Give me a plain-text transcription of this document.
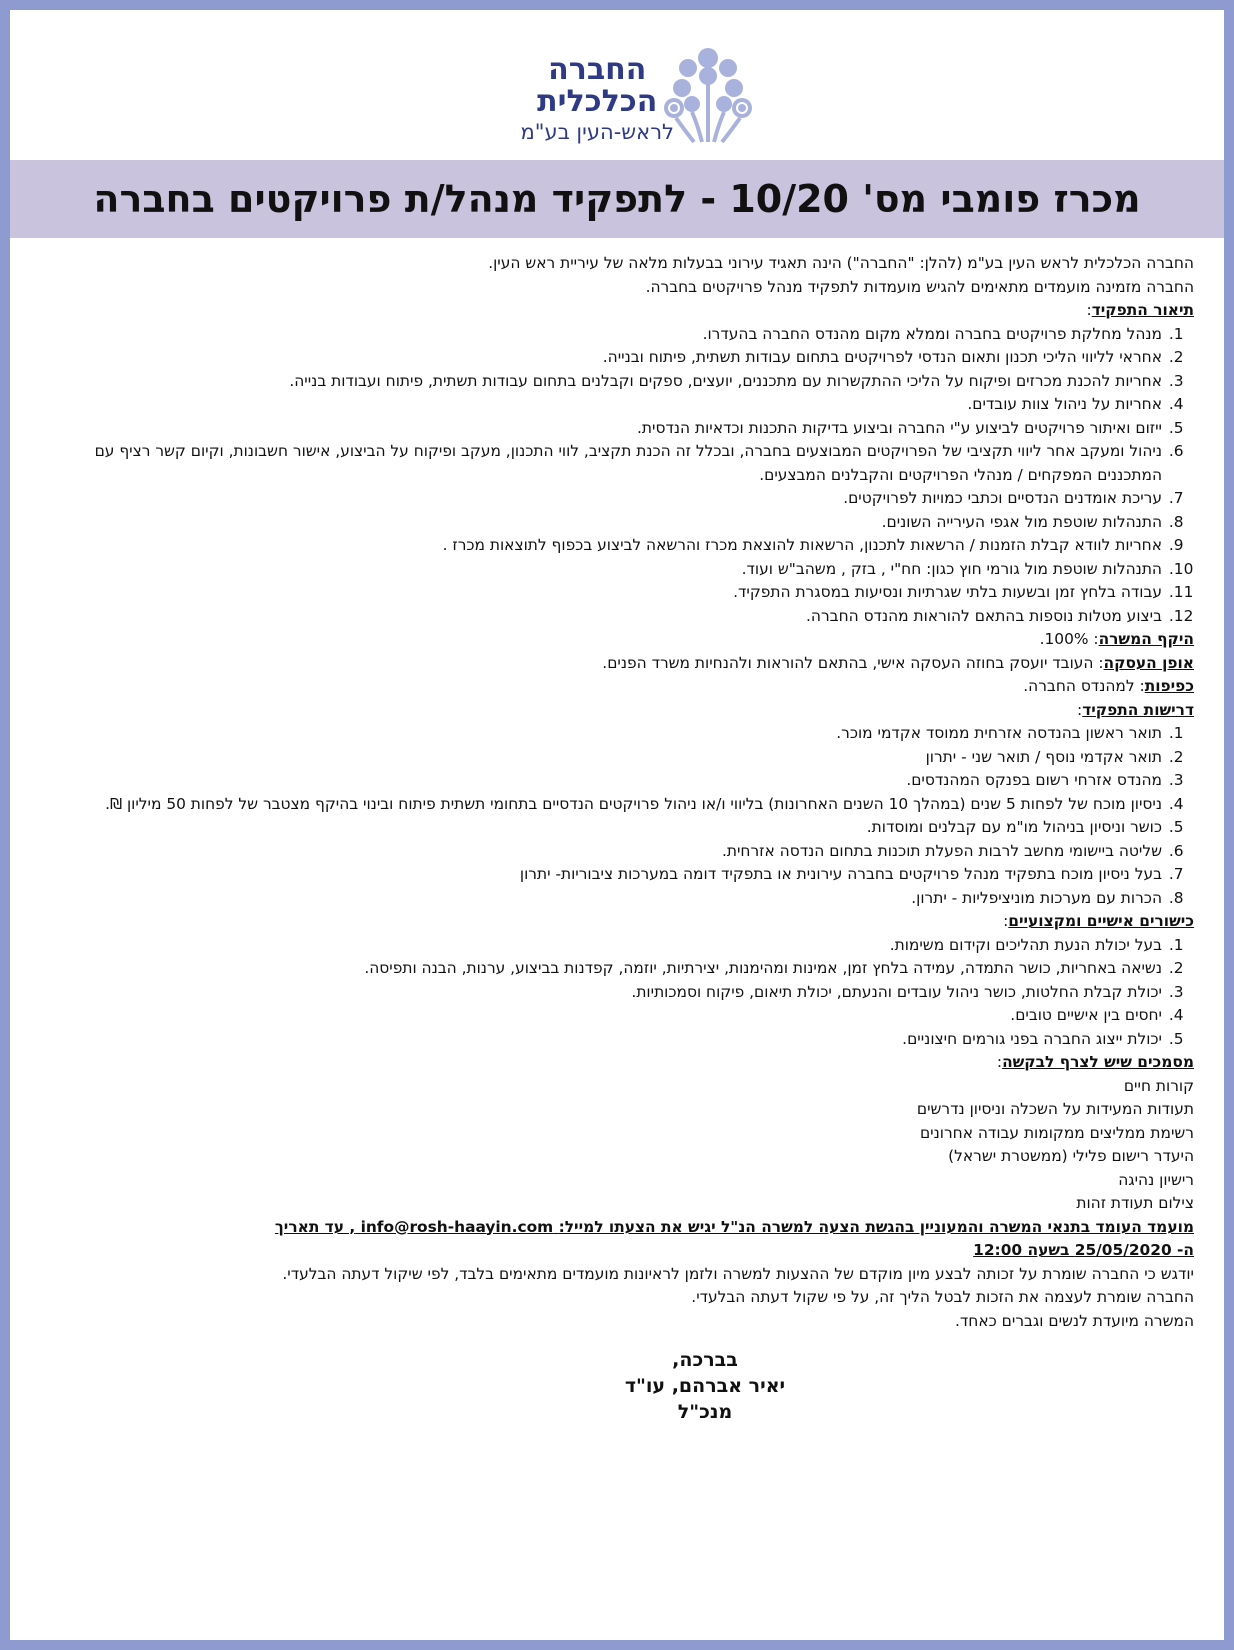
החברה
הכלכלית
לראש-העין בע"מ
מכרז פומבי מס' 10/20 - לתפקיד מנהל/ת פרויקטים בחברה

החברה הכלכלית לראש העין בע"מ (להלן: "החברה") הינה תאגיד עירוני בבעלות מלאה של עיריית ראש העין.

החברה מזמינה מועמדים מתאימים להגיש מועמדות לתפקיד מנהל פרויקטים בחברה.

תיאור התפקיד:

1. מנהל מחלקת פרויקטים בחברה וממלא מקום מהנדס החברה בהעדרו.
2. אחראי לליווי הליכי תכנון ותאום הנדסי לפרויקטים בתחום עבודות תשתית, פיתוח ובנייה.
3. אחריות להכנת מכרזים ופיקוח על הליכי ההתקשרות עם מתכננים, יועצים, ספקים וקבלנים בתחום עבודות תשתית, פיתוח ועבודות בנייה.
4. אחריות על ניהול צוות עובדים.
5. ייזום ואיתור פרויקטים לביצוע ע"י החברה וביצוע בדיקות התכנות וכדאיות הנדסית.
6. ניהול ומעקב אחר ליווי תקציבי של הפרויקטים המבוצעים בחברה, ובכלל זה הכנת תקציב, לווי התכנון, מעקב ופיקוח על הביצוע, אישור חשבונות, וקיום קשר רציף עם המתכננים המפקחים / מנהלי הפרויקטים והקבלנים המבצעים.
7. עריכת אומדנים הנדסיים וכתבי כמויות לפרויקטים.
8. התנהלות שוטפת מול אגפי העירייה השונים.
9. אחריות לוודא קבלת הזמנות / הרשאות לתכנון, הרשאות להוצאת מכרז והרשאה לביצוע בכפוף לתוצאות מכרז .
10. התנהלות שוטפת מול גורמי חוץ כגון: חח"י , בזק , משהב"ש ועוד.
11. עבודה בלחץ זמן ובשעות בלתי שגרתיות ונסיעות במסגרת התפקיד.
12. ביצוע מטלות נוספות בהתאם להוראות מהנדס החברה.

היקף המשרה: 100%.

אופן העסקה: העובד יועסק בחוזה העסקה אישי, בהתאם להוראות ולהנחיות משרד הפנים.

כפיפות: למהנדס החברה.

דרישות התפקיד:

1. תואר ראשון בהנדסה אזרחית ממוסד אקדמי מוכר.
2. תואר אקדמי נוסף / תואר שני - יתרון
3. מהנדס אזרחי רשום בפנקס המהנדסים.
4. ניסיון מוכח של לפחות 5 שנים (במהלך 10 השנים האחרונות) בליווי ו/או ניהול פרויקטים הנדסיים בתחומי תשתית פיתוח ובינוי בהיקף מצטבר של לפחות 50 מיליון ₪.
5. כושר וניסיון בניהול מו"מ עם קבלנים ומוסדות.
6. שליטה ביישומי מחשב לרבות הפעלת תוכנות בתחום הנדסה אזרחית.
7. בעל ניסיון מוכח בתפקיד מנהל פרויקטים בחברה עירונית או בתפקיד דומה במערכות ציבוריות- יתרון
8. הכרות עם מערכות מוניציפליות - יתרון.

כישורים אישיים ומקצועיים:

1. בעל יכולת הנעת תהליכים וקידום משימות.
2. נשיאה באחריות, כושר התמדה, עמידה בלחץ זמן, אמינות ומהימנות, יצירתיות, יוזמה, קפדנות בביצוע, ערנות, הבנה ותפיסה.
3. יכולת קבלת החלטות, כושר ניהול עובדים והנעתם, יכולת תיאום, פיקוח וסמכותיות.
4. יחסים בין אישיים טובים.
5. יכולת ייצוג החברה בפני גורמים חיצוניים.

מסמכים שיש לצרף לבקשה:

קורות חיים

תעודות המעידות על השכלה וניסיון נדרשים

רשימת ממליצים ממקומות עבודה אחרונים

היעדר רישום פלילי (ממשטרת ישראל)

רישיון נהיגה

צילום תעודת זהות

מועמד העומד בתנאי המשרה והמעוניין בהגשת הצעה למשרה הנ"ל יגיש את הצעתו למייל: info@rosh-haayin.com , עד תאריך

ה- 25/05/2020 בשעה 12:00

יודגש כי החברה שומרת על זכותה לבצע מיון מוקדם של ההצעות למשרה ולזמן לראיונות מועמדים מתאימים בלבד, לפי שיקול דעתה הבלעדי.

החברה שומרת לעצמה את הזכות לבטל הליך זה, על פי שקול דעתה הבלעדי.

המשרה מיועדת לנשים וגברים כאחד.

בברכה,
יאיר אברהם, עו"ד
מנכ"ל
